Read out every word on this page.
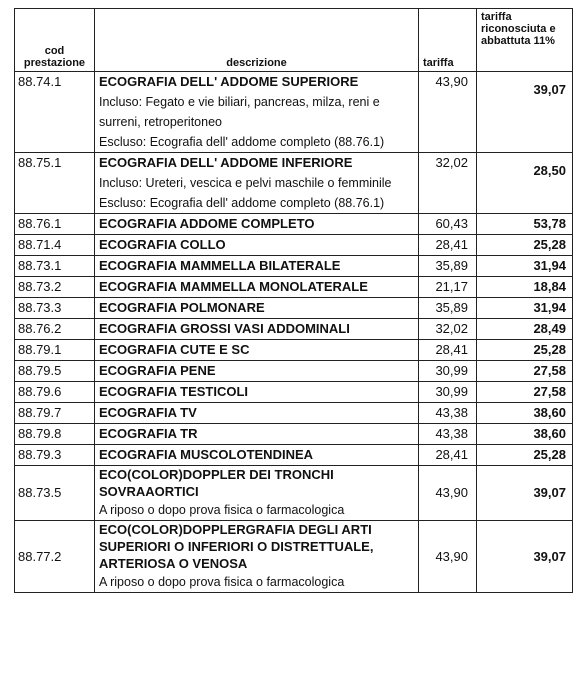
cod prestazione	descrizione	tariffa	tariffa riconosciuta e abbattuta 11%
88.74.1	ECOGRAFIA DELL' ADDOME SUPERIORE
Incluso: Fegato e vie biliari, pancreas, milza, reni e surreni, retroperitoneo
Escluso: Ecografia dell' addome completo (88.76.1)	43,90	39,07
88.75.1	ECOGRAFIA DELL' ADDOME INFERIORE
Incluso: Ureteri, vescica e pelvi maschile o femminile
Escluso: Ecografia dell' addome completo (88.76.1)	32,02	28,50
88.76.1	ECOGRAFIA ADDOME COMPLETO	60,43	53,78
88.71.4	ECOGRAFIA COLLO	28,41	25,28
88.73.1	ECOGRAFIA MAMMELLA BILATERALE	35,89	31,94
88.73.2	ECOGRAFIA MAMMELLA MONOLATERALE	21,17	18,84
88.73.3	ECOGRAFIA POLMONARE	35,89	31,94
88.76.2	ECOGRAFIA GROSSI VASI ADDOMINALI	32,02	28,49
88.79.1	ECOGRAFIA CUTE E SC	28,41	25,28
88.79.5	ECOGRAFIA PENE	30,99	27,58
88.79.6	ECOGRAFIA TESTICOLI	30,99	27,58
88.79.7	ECOGRAFIA TV	43,38	38,60
88.79.8	ECOGRAFIA TR	43,38	38,60
88.79.3	ECOGRAFIA MUSCOLOTENDINEA	28,41	25,28
88.73.5	ECO(COLOR)DOPPLER DEI TRONCHI SOVRAAORTICI
A riposo o dopo prova fisica o farmacologica	43,90	39,07
88.77.2	ECO(COLOR)DOPPLERGRAFIA DEGLI ARTI SUPERIORI O INFERIORI O DISTRETTUALE, ARTERIOSA O VENOSA
A riposo o dopo prova fisica o farmacologica	43,90	39,07
